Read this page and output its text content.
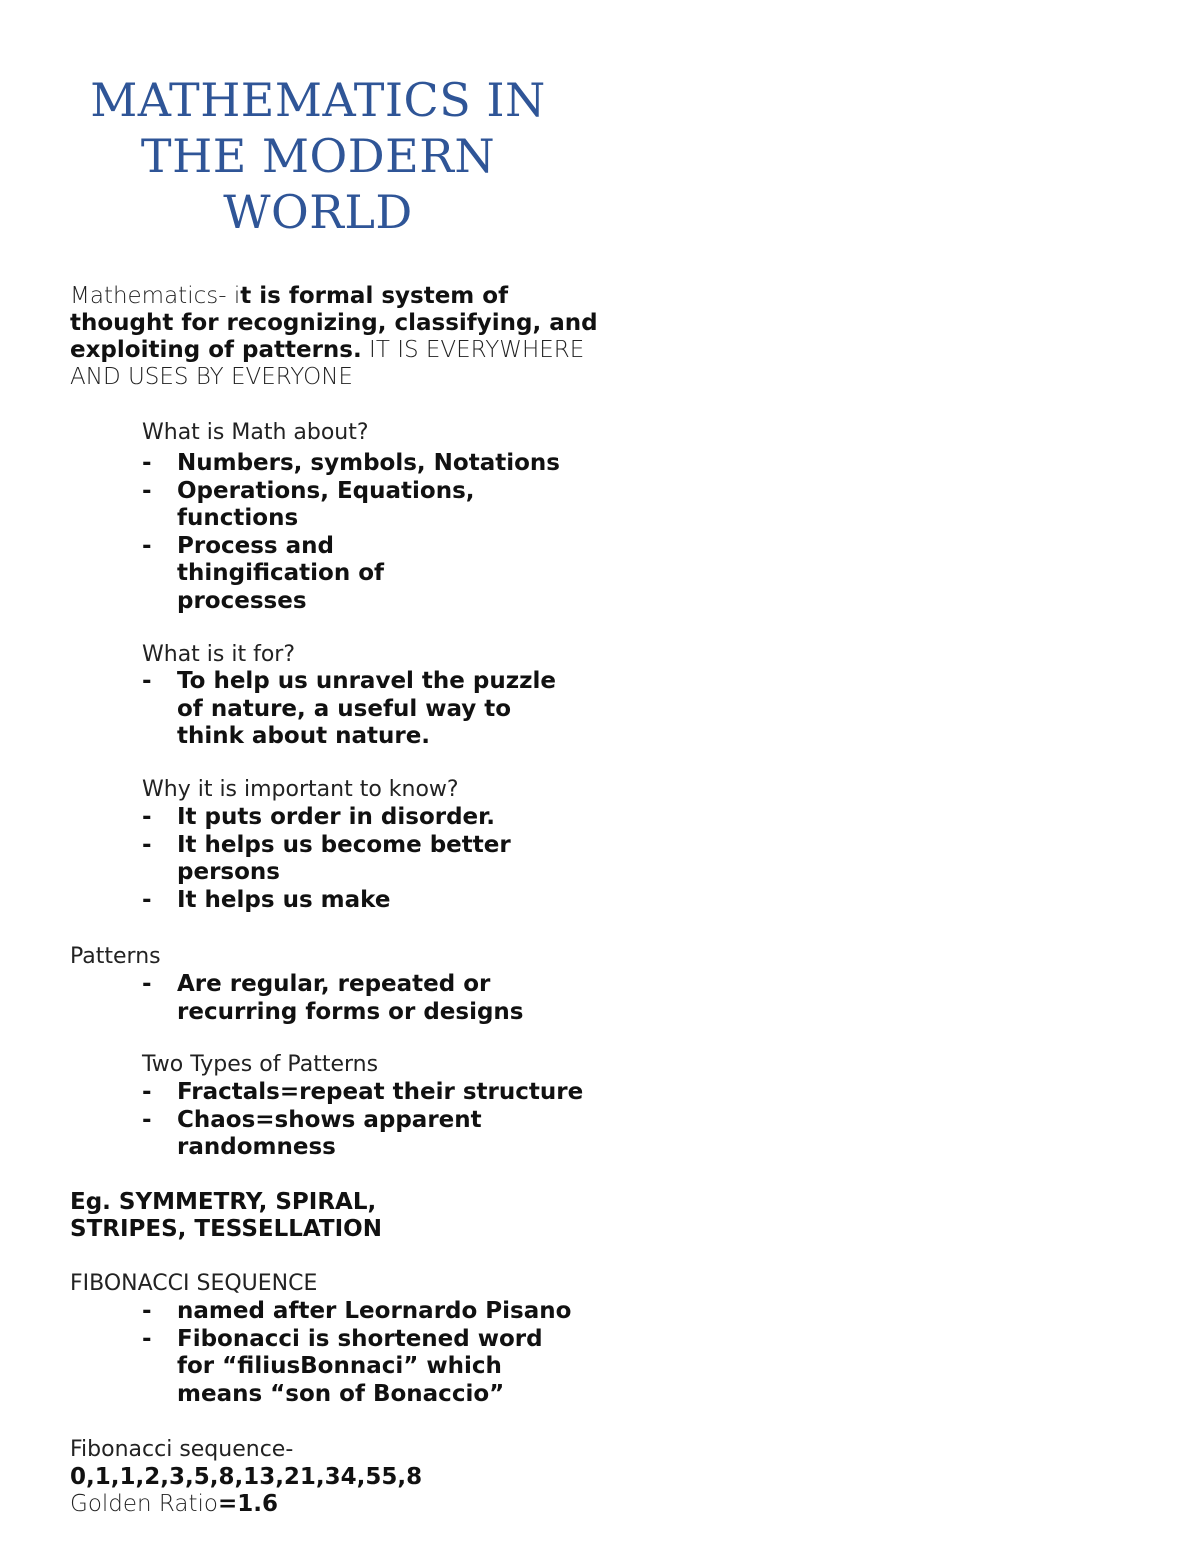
MATHEMATICS IN
THE MODERN
WORLD
Mathematics- it is formal system of
thought for recognizing, classifying, and
exploiting of patterns. IT IS EVERYWHERE
AND USES BY EVERYONE
What is Math about?
- Numbers, symbols, Notations
- Operations, Equations,
functions
- Process and
thingification of
processes
What is it for?
- To help us unravel the puzzle
of nature, a useful way to
think about nature.
Why it is important to know?
- It puts order in disorder.
- It helps us become better
persons
- It helps us make
Patterns
- Are regular, repeated or
recurring forms or designs
Two Types of Patterns
- Fractals=repeat their structure
- Chaos=shows apparent
randomness
Eg. SYMMETRY, SPIRAL,
STRIPES, TESSELLATION
FIBONACCI SEQUENCE
- named after Leornardo Pisano
- Fibonacci is shortened word
for “filiusBonnaci” which
means “son of Bonaccio”
Fibonacci sequence-
0,1,1,2,3,5,8,13,21,34,55,8
Golden Ratio=1.6
